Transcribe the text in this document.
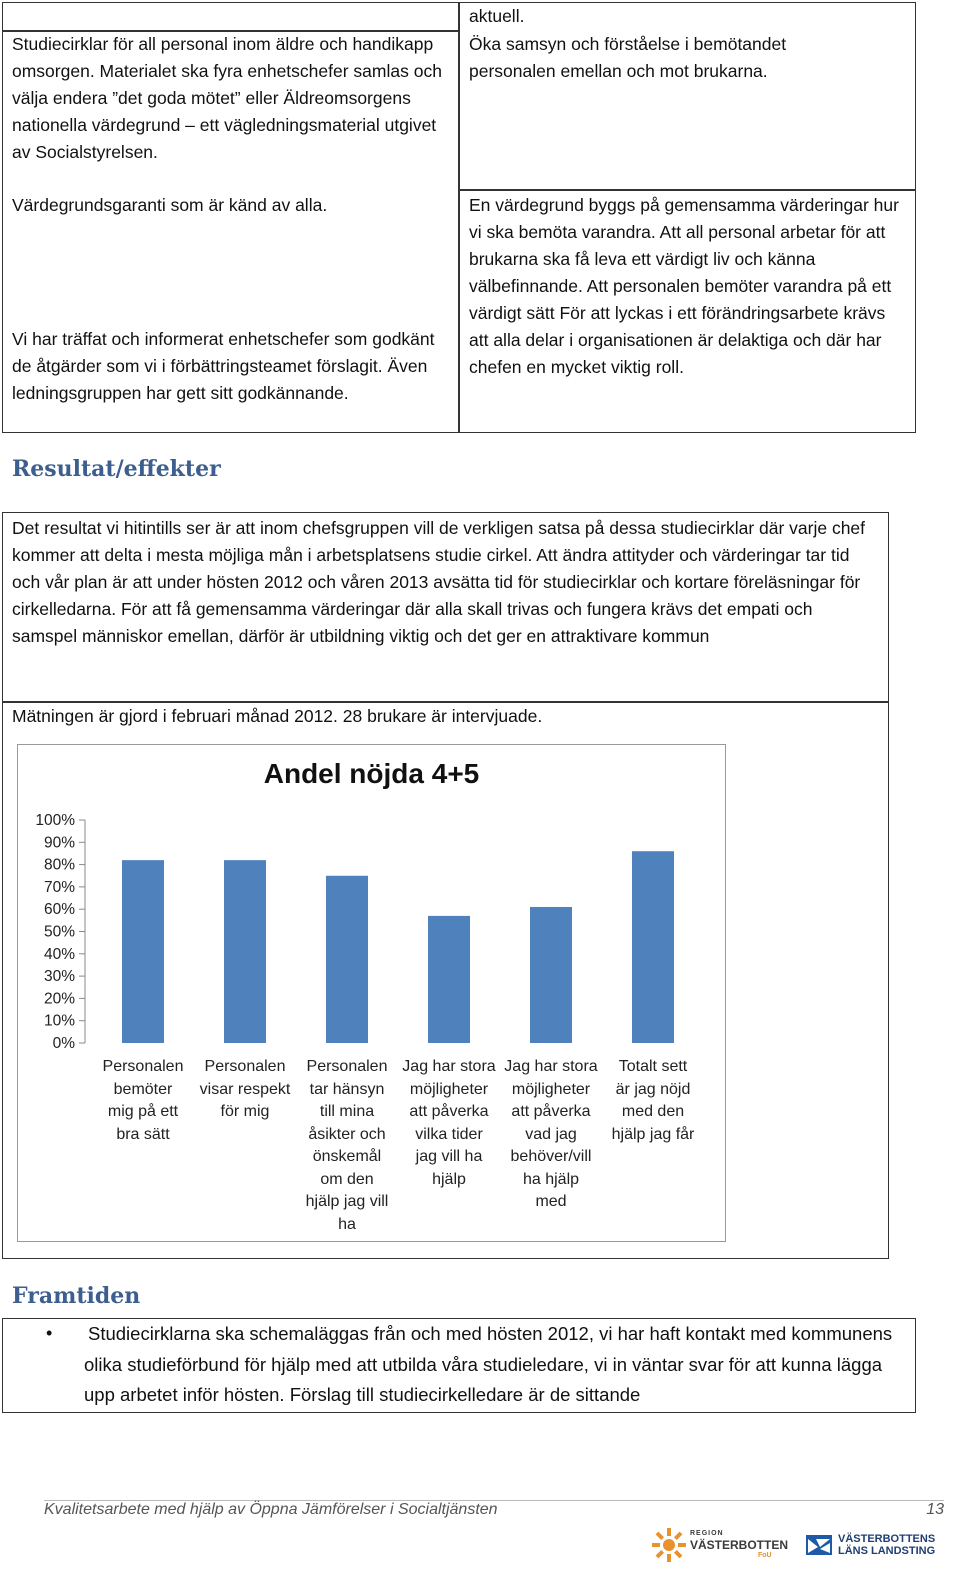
Studiecirklar för all personal inom äldre och handikapp omsorgen. Materialet ska fyra enhetschefer samlas och välja endera ”det goda mötet” eller Äldreomsorgens nationella värdegrund – ett vägledningsmaterial utgivet av Socialstyrelsen.
aktuell.
Öka samsyn och förståelse i bemötandet personalen emellan och mot brukarna.
Värdegrundsgaranti som är känd av alla.
Vi har träffat och informerat enhetschefer som godkänt de åtgärder som vi i förbättringsteamet förslagit. Även ledningsgruppen har gett sitt godkännande.
En värdegrund byggs på gemensamma värderingar hur vi ska bemöta varandra. Att all personal arbetar för att brukarna ska få leva ett värdigt liv och känna välbefinnande. Att personalen bemöter varandra på ett värdigt sätt För att lyckas i ett förändringsarbete krävs att alla delar i organisationen är delaktiga och där har chefen en mycket viktig roll.
Resultat/effekter
Det resultat vi hitintills ser är att inom chefsgruppen vill de verkligen satsa på dessa studiecirklar där varje chef kommer att delta i mesta möjliga mån i arbetsplatsens studie cirkel. Att ändra attityder och värderingar tar tid och vår plan är att under hösten 2012 och våren 2013 avsätta tid för studiecirklar och kortare föreläsningar för cirkelledarna. För att få gemensamma värderingar där alla skall trivas och fungera krävs det empati och samspel människor emellan, därför är utbildning viktig och det ger en attraktivare kommun
Mätningen är gjord i februari månad 2012. 28 brukare är intervjuade.
Andel nöjda 4+5
0%
10%
20%
30%
40%
50%
60%
70%
80%
90%
100%
Personalen
bemöter
mig på ett
bra sätt
Personalen
visar respekt
för mig
Personalen
tar hänsyn
till mina
åsikter och
önskemål
om den
hjälp jag vill
ha
Jag har stora
möjligheter
att påverka
vilka tider
jag vill ha
hjälp
Jag har stora
möjligheter
att påverka
vad jag
behöver/vill
ha hjälp
med
Totalt sett
är jag nöjd
med den
hjälp jag får
Framtiden
• Studiecirklarna ska schemaläggas från och med hösten 2012, vi har haft kontakt med kommunens olika studieförbund för hjälp med att utbilda våra studieledare, vi in väntar svar för att kunna lägga upp arbetet inför hösten. Förslag till studiecirkelledare är de sittande
Kvalitetsarbete med hjälp av Öppna Jämförelser i Socialtjänsten	13
REGION
VÄSTERBOTTEN
FoU
VÄSTERBOTTENS
LÄNS LANDSTING
